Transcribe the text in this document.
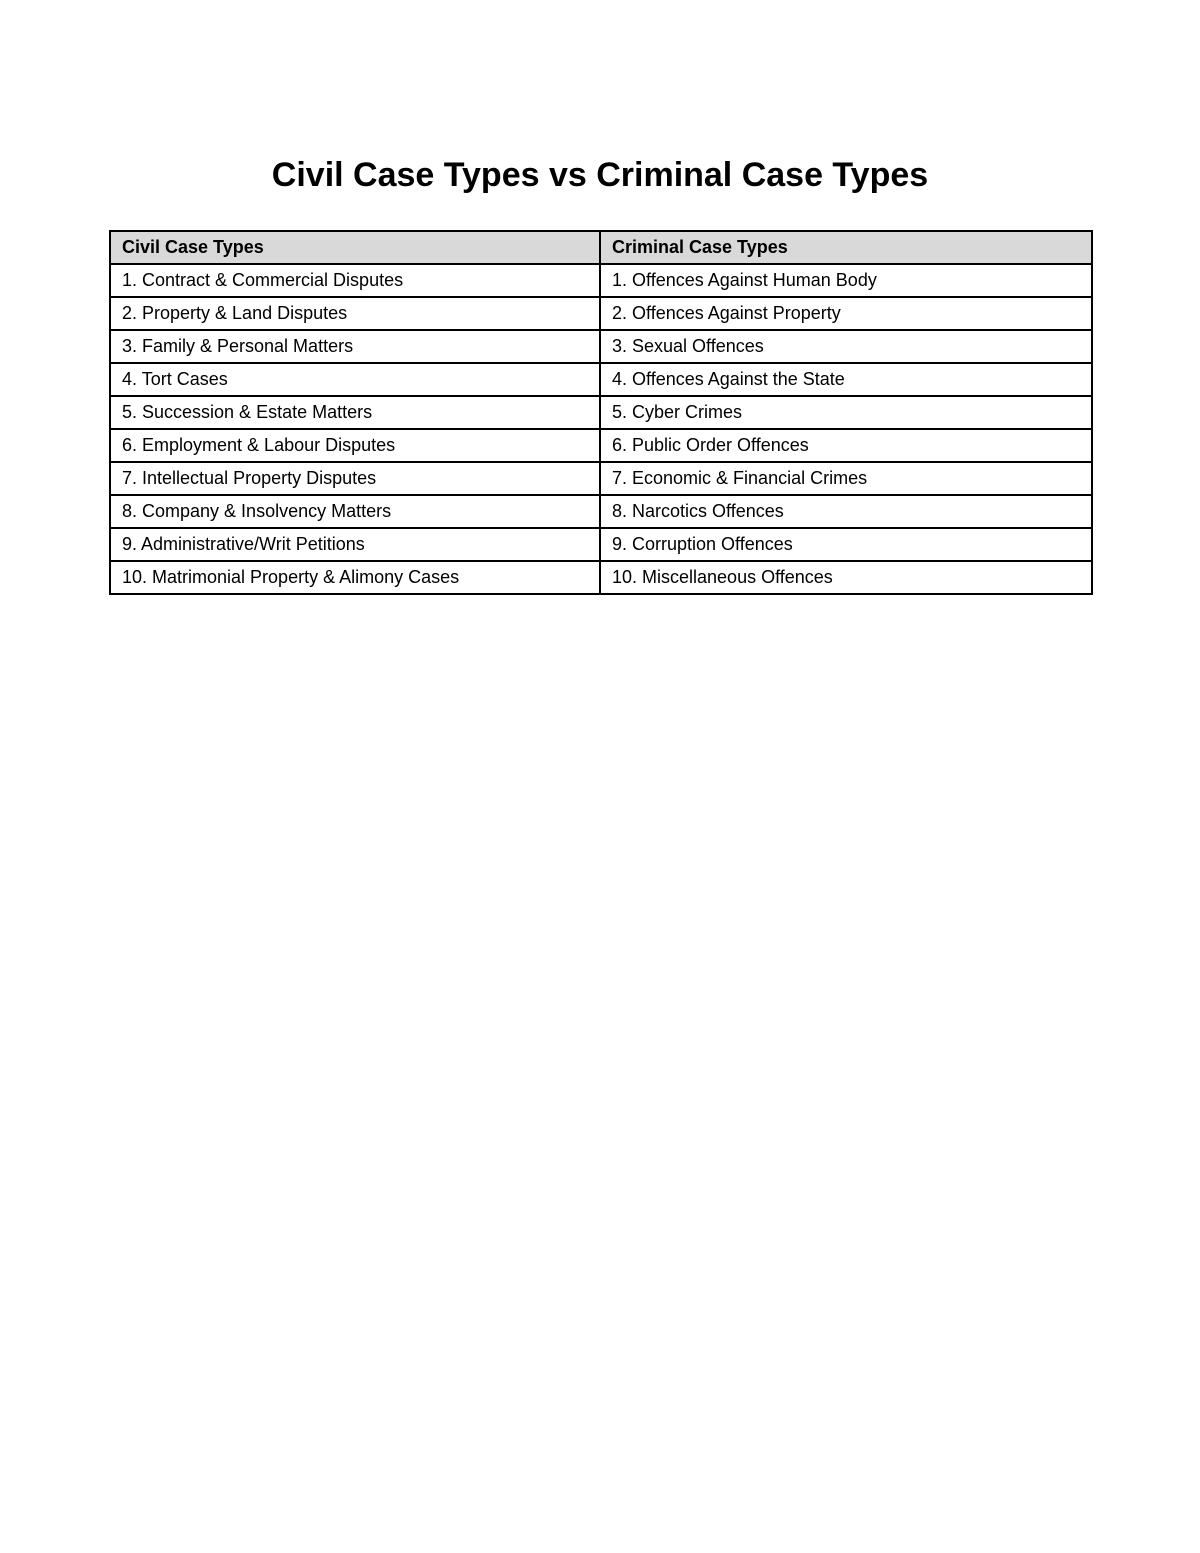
Civil Case Types vs Criminal Case Types
Civil Case Types	Criminal Case Types
1. Contract & Commercial Disputes	1. Offences Against Human Body
2. Property & Land Disputes	2. Offences Against Property
3. Family & Personal Matters	3. Sexual Offences
4. Tort Cases	4. Offences Against the State
5. Succession & Estate Matters	5. Cyber Crimes
6. Employment & Labour Disputes	6. Public Order Offences
7. Intellectual Property Disputes	7. Economic & Financial Crimes
8. Company & Insolvency Matters	8. Narcotics Offences
9. Administrative/Writ Petitions	9. Corruption Offences
10. Matrimonial Property & Alimony Cases	10. Miscellaneous Offences
